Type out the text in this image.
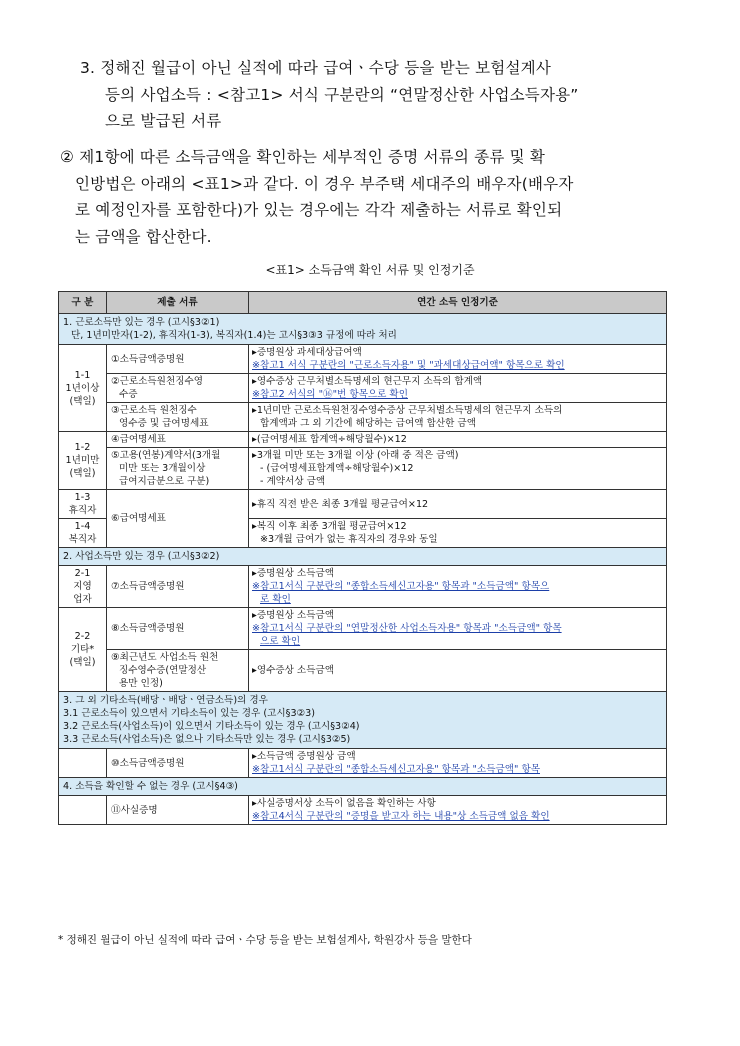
3. 정해진 월급이 아닌 실적에 따라 급여ㆍ수당 등을 받는 보험설계사
등의 사업소득 : <참고1> 서식 구분란의 “연말정산한 사업소득자용”
으로 발급된 서류
② 제1항에 따른 소득금액을 확인하는 세부적인 증명 서류의 종류 및 확
인방법은 아래의 <표1>과 같다. 이 경우 부주택 세대주의 배우자(배우자
로 예정인자를 포함한다)가 있는 경우에는 각각 제출하는 서류로 확인되
는 금액을 합산한다.
<표1> 소득금액 확인 서류 및 인정기준
구 분	제출 서류	연간 소득 인정기준

1. 근로소득만 있는 경우 (고시§3②1)
단, 1년미만자(1-2), 휴직자(1-3), 복직자(1.4)는 고시§3③3 규정에 따라 처리		

1-1
1년이상
(택일)	①소득금액증명원	▸증명원상 과세대상급여액
※참고1 서식 구분란의 "근로소득자용" 및 "과세대상급여액" 항목으로 확인

	②근로소득원천징수영
수증	▸영수증상 근무처별소득명세의 현근무지 소득의 합계액
※참고2 서식의 "⑯"번 항목으로 확인

	③근로소득 원천징수
영수증 및 급여명세표	▸1년미만 근로소득원천징수영수증상 근무처별소득명세의 현근무지 소득의
합계액과 그 외 기간에 해당하는 급여액 합산한 금액

1-2
1년미만
(택일)	④급여명세표	▸(급여명세표 합계액÷해당월수)×12

	⑤고용(연봉)계약서(3개월
미만 또는 3개월이상
급여지급분으로 구분)	▸3개월 미만 또는 3개월 이상 (아래 중 적은 금액)
- (급여명세표합계액÷해당월수)×12
- 계약서상 금액

1-3
휴직자	⑥급여명세표	▸휴직 직전 받은 최종 3개월 평균급여×12

1-4
복직자		▸복직 이후 최종 3개월 평균급여×12
※3개월 급여가 없는 휴직자의 경우와 동일

2. 사업소득만 있는 경우 (고시§3②2)		

2-1
지영
업자	⑦소득금액증명원	▸증명원상 소득금액
※참고1서식 구분란의 "종합소득세신고자용" 항목과 "소득금액" 항목으
로 확인

2-2
기타*
(택일)	⑧소득금액증명원	▸증명원상 소득금액
※참고1서식 구분란의 "연말정산한 사업소득자용" 항목과 "소득금액" 항목
으로 확인

	⑨최근년도 사업소득 원천
징수영수증(연말정산
용만 인정)	▸영수증상 소득금액

3. 그 외 기타소득(배당ㆍ배당ㆍ연금소득)의 경우
3.1 근로소득이 있으면서 기타소득이 있는 경우 (고시§3②3)
3.2 근로소득(사업소득)이 있으면서 기타소득이 있는 경우 (고시§3②4)
3.3 근로소득(사업소득)은 없으나 기타소득만 있는 경우 (고시§3②5)		

	⑩소득금액증명원	▸소득금액 증명원상 금액
※참고1서식 구분란의 "종합소득세신고자용" 항목과 "소득금액" 항목

4. 소득을 확인할 수 없는 경우 (고시§4③)		
	⑪사실증명	▸사실증명서상 소득이 없음을 확인하는 사항
※참고4서식 구분란의 "증명을 받고자 하는 내용"상 소득금액 없음 확인
* 정해진 월급이 아닌 실적에 따라 급여ㆍ수당 등을 받는 보험설계사, 학원강사 등을 말한다
